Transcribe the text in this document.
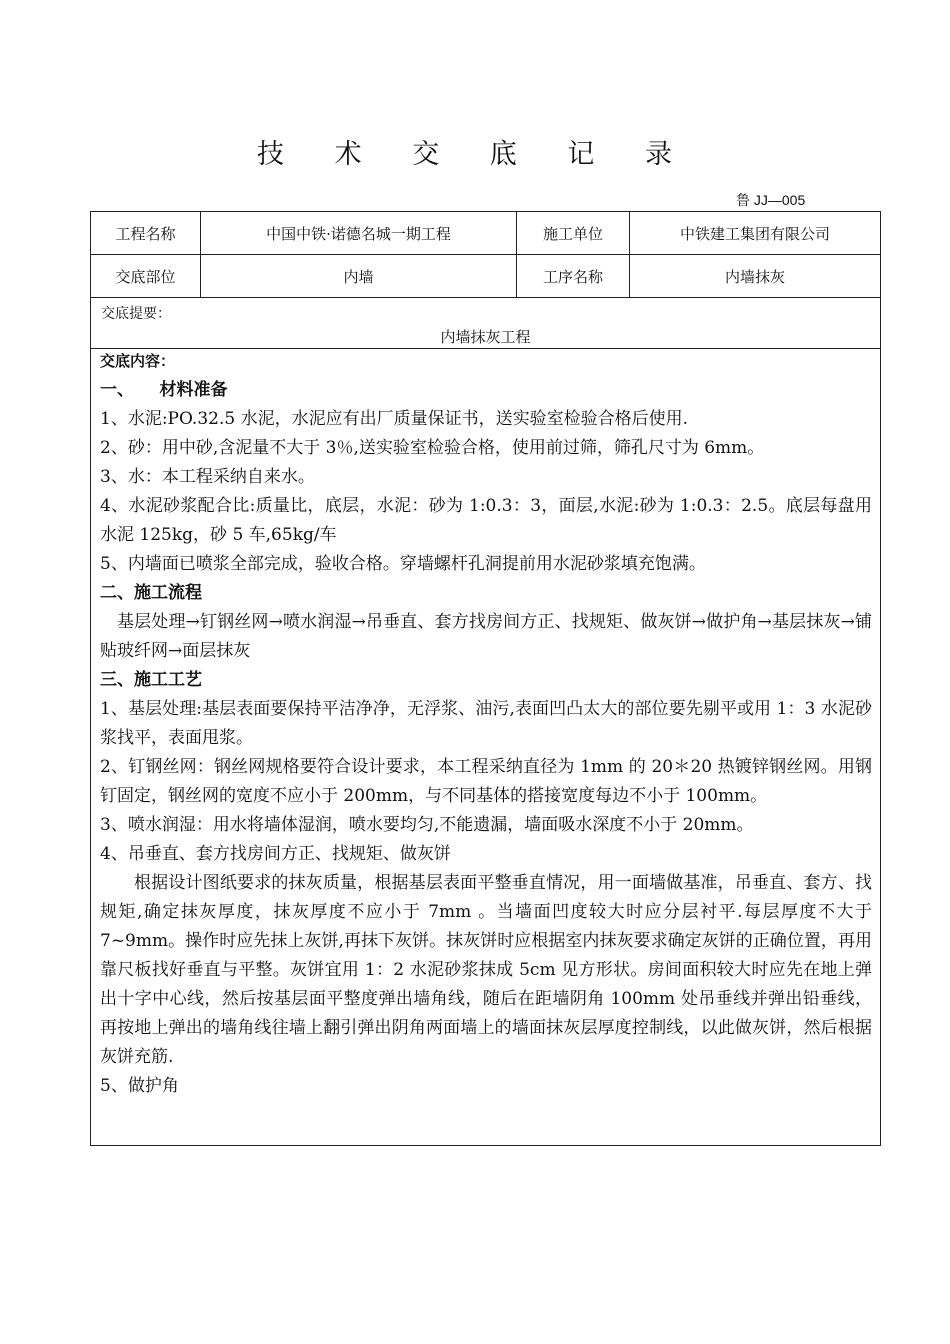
技 术 交 底 记 录
鲁 JJ—005
工程名称	中国中铁·诺德名城一期工程	施工单位	中铁建工集团有限公司
交底部位	内墙	工序名称	内墙抹灰
交底提要：
内墙抹灰工程

交底内容：

一、　　材料准备

1、水泥:PO.32.5 水泥，水泥应有出厂质量保证书，送实验室检验合格后使用.

2、砂：用中砂,含泥量不大于 3％,送实验室检验合格，使用前过筛，筛孔尺寸为 6mm。

3、水：本工程采纳自来水。

4、水泥砂浆配合比:质量比，底层，水泥：砂为 1:0.3：3，面层,水泥:砂为 1:0.3：2.5。底层每盘用水泥 125kg，砂 5 车,65kg/车

5、内墙面已喷浆全部完成，验收合格。穿墙螺杆孔洞提前用水泥砂浆填充饱满。

二、施工流程

基层处理→钉钢丝网→喷水润湿→吊垂直、套方找房间方正、找规矩、做灰饼→做护角→基层抹灰→铺贴玻纤网→面层抹灰

三、施工工艺

1、基层处理:基层表面要保持平洁净净，无浮浆、油污,表面凹凸太大的部位要先剔平或用 1：3 水泥砂浆找平，表面甩浆。

2、钉钢丝网：钢丝网规格要符合设计要求，本工程采纳直径为 1mm 的 20＊20 热镀锌钢丝网。用钢钉固定，钢丝网的宽度不应小于 200mm，与不同基体的搭接宽度每边不小于 100mm。

3、喷水润湿：用水将墙体湿润，喷水要均匀,不能遗漏，墙面吸水深度不小于 20mm。

4、吊垂直、套方找房间方正、找规矩、做灰饼

根据设计图纸要求的抹灰质量，根据基层表面平整垂直情况，用一面墙做基准，吊垂直、套方、找规矩,确定抹灰厚度，抹灰厚度不应小于 7mm 。当墙面凹度较大时应分层衬平.每层厚度不大于 7~9mm。操作时应先抹上灰饼,再抹下灰饼。抹灰饼时应根据室内抹灰要求确定灰饼的正确位置，再用靠尺板找好垂直与平整。灰饼宜用 1：2 水泥砂浆抹成 5cm 见方形状。房间面积较大时应先在地上弹出十字中心线，然后按基层面平整度弹出墙角线，随后在距墙阴角 100mm 处吊垂线并弹出铅垂线，再按地上弹出的墙角线往墙上翻引弹出阴角两面墙上的墙面抹灰层厚度控制线，以此做灰饼，然后根据灰饼充筋.

5、做护角
